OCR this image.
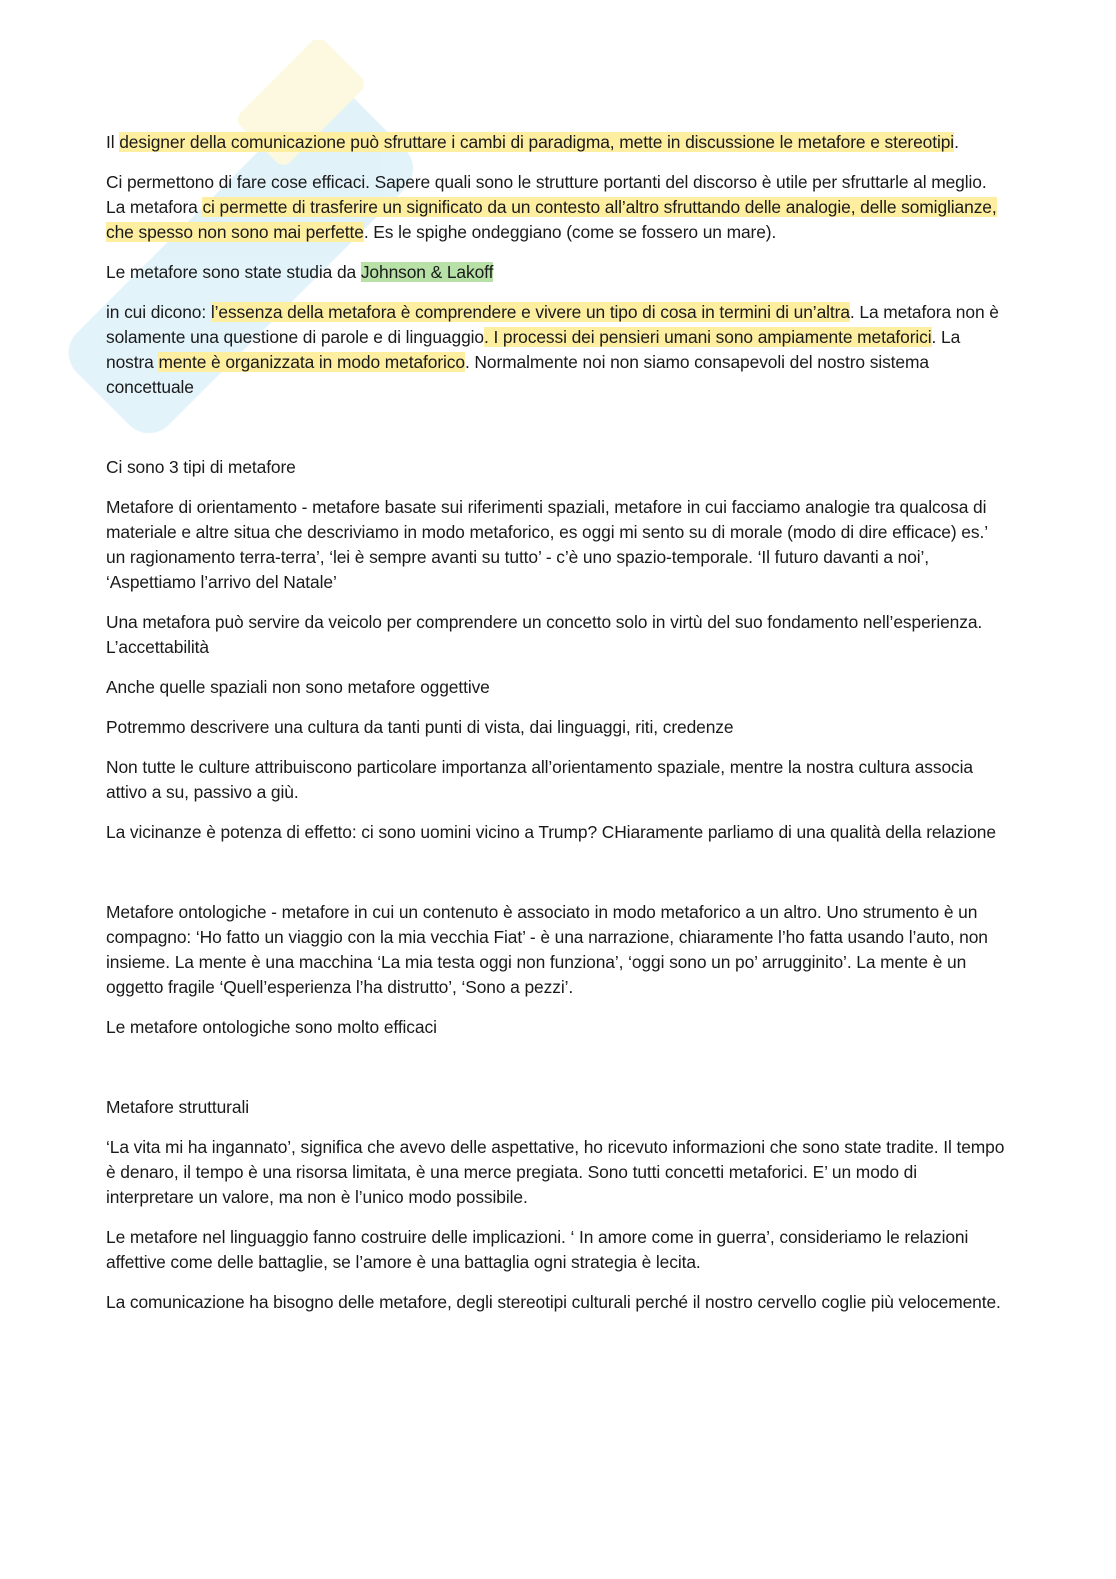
Il designer della comunicazione può sfruttare i cambi di paradigma, mette in discussione le metafore e stereotipi.

Ci permettono di fare cose efficaci. Sapere quali sono le strutture portanti del discorso è utile per sfruttarle al meglio. La metafora ci permette di trasferire un significato da un contesto all’altro sfruttando delle analogie, delle somiglianze, che spesso non sono mai perfette. Es le spighe ondeggiano (come se fossero un mare).

Le metafore sono state studia da Johnson & Lakoff

in cui dicono: l’essenza della metafora è comprendere e vivere un tipo di cosa in termini di un’altra. La metafora non è solamente una questione di parole e di linguaggio. I processi dei pensieri umani sono ampiamente metaforici. La nostra mente è organizzata in modo metaforico. Normalmente noi non siamo consapevoli del nostro sistema concettuale

Ci sono 3 tipi di metafore

Metafore di orientamento - metafore basate sui riferimenti spaziali, metafore in cui facciamo analogie tra qualcosa di materiale e altre situa che descriviamo in modo metaforico, es oggi mi sento su di morale (modo di dire efficace) es.’ un ragionamento terra-terra’, ‘lei è sempre avanti su tutto’ - c’è uno spazio-temporale. ‘Il futuro davanti a noi’, ‘Aspettiamo l’arrivo del Natale’

Una metafora può servire da veicolo per comprendere un concetto solo in virtù del suo fondamento nell’esperienza. L’accettabilità

Anche quelle spaziali non sono metafore oggettive

Potremmo descrivere una cultura da tanti punti di vista, dai linguaggi, riti, credenze

Non tutte le culture attribuiscono particolare importanza all’orientamento spaziale, mentre la nostra cultura associa attivo a su, passivo a giù.

La vicinanze è potenza di effetto: ci sono uomini vicino a Trump? CHiaramente parliamo di una qualità della relazione

Metafore ontologiche - metafore in cui un contenuto è associato in modo metaforico a un altro. Uno strumento è un compagno: ‘Ho fatto un viaggio con la mia vecchia Fiat’ - è una narrazione, chiaramente l’ho fatta usando l’auto, non insieme. La mente è una macchina ‘La mia testa oggi non funziona’, ‘oggi sono un po’ arrugginito’. La mente è un oggetto fragile ‘Quell’esperienza l’ha distrutto’, ‘Sono a pezzi’.

Le metafore ontologiche sono molto efficaci

Metafore strutturali

‘La vita mi ha ingannato’, significa che avevo delle aspettative, ho ricevuto informazioni che sono state tradite. Il tempo è denaro, il tempo è una risorsa limitata, è una merce pregiata. Sono tutti concetti metaforici. E’ un modo di interpretare un valore, ma non è l’unico modo possibile.

Le metafore nel linguaggio fanno costruire delle implicazioni. ‘ In amore come in guerra’, consideriamo le relazioni affettive come delle battaglie, se l’amore è una battaglia ogni strategia è lecita.

La comunicazione ha bisogno delle metafore, degli stereotipi culturali perché il nostro cervello coglie più velocemente.
